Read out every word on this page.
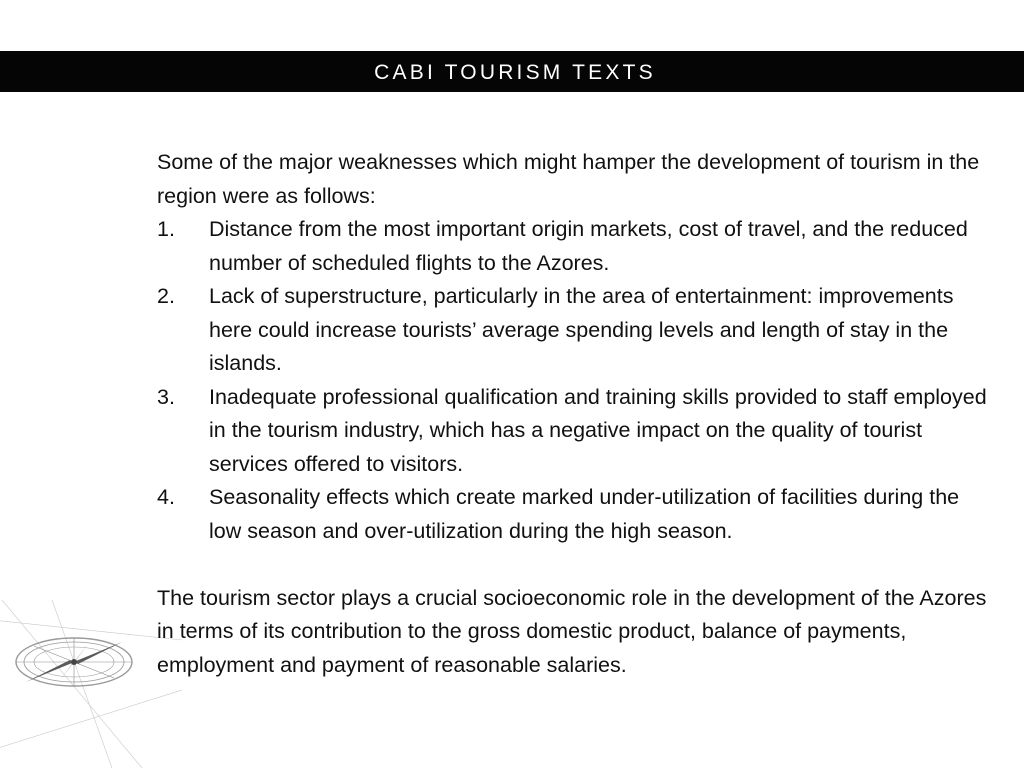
CABI TOURISM TEXTS

Some of the major weaknesses which might hamper the development of tourism in the region were as follows:

1. Distance from the most important origin markets, cost of travel, and the reduced number of scheduled flights to the Azores.
2. Lack of superstructure, particularly in the area of entertainment: improvements here could increase tourists’ average spending levels and length of stay in the islands.
3. Inadequate professional qualification and training skills provided to staff employed in the tourism industry, which has a negative impact on the quality of tourist services offered to visitors.
4. Seasonality effects which create marked under-utilization of facilities during the low season and over-utilization during the high season.

The tourism sector plays a crucial socioeconomic role in the development of the Azores in terms of its contribution to the gross domestic product, balance of payments, employment and payment of reasonable salaries.
